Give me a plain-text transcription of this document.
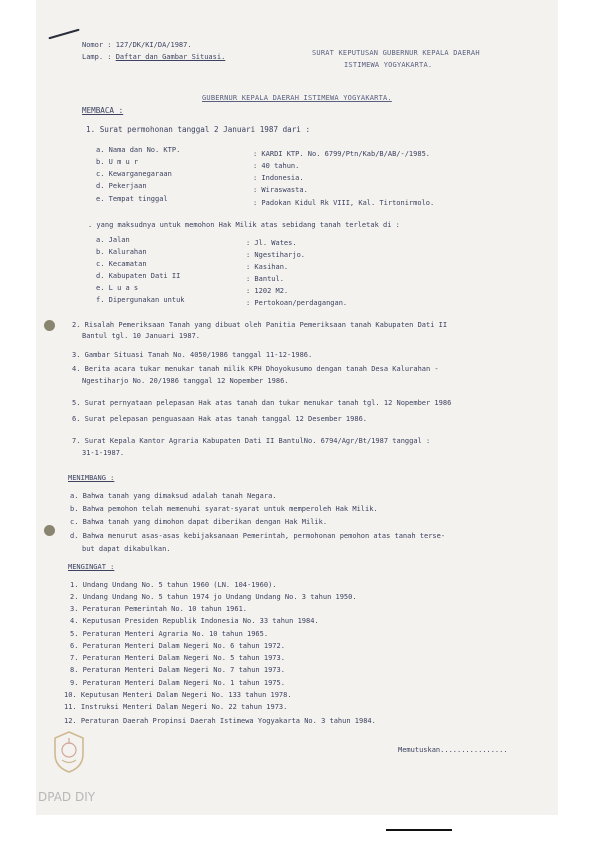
Nomor : 127/DK/KI/DA/1987.
Lamp. : Daftar dan Gambar Situasi.	SURAT KEPUTUSAN GUBERNUR KEPALA DAERAH
ISTIMEWA YOGYAKARTA.
GUBERNUR KEPALA DAERAH ISTIMEWA YOGYAKARTA.
MEMBACA :
1. Surat permohonan tanggal 2 Januari 1987 dari :
a. Nama dan No. KTP.
b. U m u r
c. Kewarganegaraan
d. Pekerjaan
e. Tempat tinggal
: KARDI KTP. No. 6799/Ptn/Kab/B/AB/-/1985.
: 40 tahun.
: Indonesia.
: Wiraswasta.
: Padokan Kidul Rk VIII, Kal. Tirtonirmolo.
. yang maksudnya untuk memohon Hak Milik atas sebidang tanah terletak di :
a. Jalan
b. Kalurahan
c. Kecamatan
d. Kabupaten Dati II
e. L u a s
f. Dipergunakan untuk
: Jl. Wates.
: Ngestiharjo.
: Kasihan.
: Bantul.
: 1202 M2.
: Pertokoan/perdagangan.
2. Risalah Pemeriksaan Tanah yang dibuat oleh Panitia Pemeriksaan tanah Kabupaten Dati II
Bantul tgl. 10 Januari 1987.
3. Gambar Situasi Tanah No. 4050/1986 tanggal 11-12-1986.
4. Berita acara tukar menukar tanah milik KPH Dhoyokusumo dengan tanah Desa Kalurahan -
Ngestiharjo No. 20/1986 tanggal 12 Nopember 1986.
5. Surat pernyataan pelepasan Hak atas tanah dan tukar menukar tanah tgl. 12 Nopember 1986
6. Surat pelepasan penguasaan Hak atas tanah tanggal 12 Desember 1986.
7. Surat Kepala Kantor Agraria Kabupaten Dati II BantulNo. 6794/Agr/Bt/1987 tanggal :
31-1-1987.
MENIMBANG :
a. Bahwa tanah yang dimaksud adalah tanah Negara.
b. Bahwa pemohon telah memenuhi syarat-syarat untuk memperoleh Hak Milik.
c. Bahwa tanah yang dimohon dapat diberikan dengan Hak Milik.
d. Bahwa menurut asas-asas kebijaksanaan Pemerintah, permohonan pemohon atas tanah terse-
but dapat dikabulkan.
MENGINGAT :
1. Undang Undang No. 5 tahun 1960 (LN. 104-1960).
2. Undang Undang No. 5 tahun 1974 jo Undang Undang No. 3 tahun 1950.
3. Peraturan Pemerintah No. 10 tahun 1961.
4. Keputusan Presiden Republik Indonesia No. 33 tahun 1984.
5. Peraturan Menteri Agraria No. 10 tahun 1965.
6. Peraturan Menteri Dalam Negeri No. 6 tahun 1972.
7. Peraturan Menteri Dalam Negeri No. 5 tahun 1973.
8. Peraturan Menteri Dalam Negeri No. 7 tahun 1973.
9. Peraturan Menteri Dalam Negeri No. 1 tahun 1975.
10. Keputusan Menteri Dalam Negeri No. 133 tahun 1978.
11. Instruksi Menteri Dalam Negeri No. 22 tahun 1973.
12. Peraturan Daerah Propinsi Daerah Istimewa Yogyakarta No. 3 tahun 1984.
Memutuskan................
DPAD DIY
